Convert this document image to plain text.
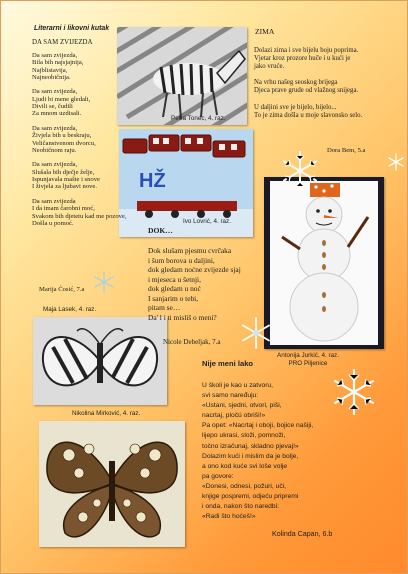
Petra Tonec, 4. raz.
HŽ
Ivo Lovrić, 4. raz.
Antonija Jurkić, 4. raz.
PRO Piljenice
Maja Lasek, 4. raz.
Nikolina Mirković, 4. raz.
Literarni i likovni kutak
DA SAM ZVIJEZDA
Da sam zvijezda,
Bila bih najsjajnija,
Najblistavija,
Najneobičnija.

Da sam zvijezda,
Ljudi bi mene gledali,
Divili se, čudili
Za mnom uzdisali.

Da sam zvijezda,
Živjela bih u beskraju,
Veličanstvenom dvorcu,
Neobičnom raju.

Da sam zvijezda,
Slušala bih dječje želje,
Ispunjavala mašte i snove
I živjela za ljubavi nove.

Da sam zvijezda
I da imam čarobni moć,
Svakom bih djetetu kad me pozove,
Došla u pomoć.
Marija Ćosić, 7.a
ZIMA
Dolazi zima i sve bijelu boju poprima.
Vjetar kroz prozore huče i u kući je
jako vruće.

Na vrhu našeg seoskog brijega
Djeca prave grude od vlažnog snijega.

U daljini sve je bijelo, bijelo...
To je zima došla u moje slavonsko selo.
Dora Bem, 5.a
DOK…
Dok slušam pjesmu cvrčaka
i šum borova u daljini,
dok gledam noćne zvijezde sjaj
i mjeseca u šetnji,
dok gledam u noć
I sanjarim o tebi,
pitam se…
Da' l i ti misliš o meni?
Nicole Debeljak, 7.a
Nije meni lako
U školi je kao u zatvoru,
svi samo naređuju:
«Ustani, sjedni, otvori, piši,
nacrtaj, pločú obriši!»
Pa opet: «Nacrtaj i oboji, bojice našiji,
lijepo ukrasi, složi, pomnoži,
točno izračunaj, skladno pjevaj!»
Dolazim kući i mislim da je bolje,
a ono kod kuće svi loše volje
pa govore:
«Donesi, odnesi, požuri, uči,
knjige pospremi, odjeću pripremi
i onda, nakon što naredbi:
«Radi što hoćeš!»
Kolinda Capan, 6.b
